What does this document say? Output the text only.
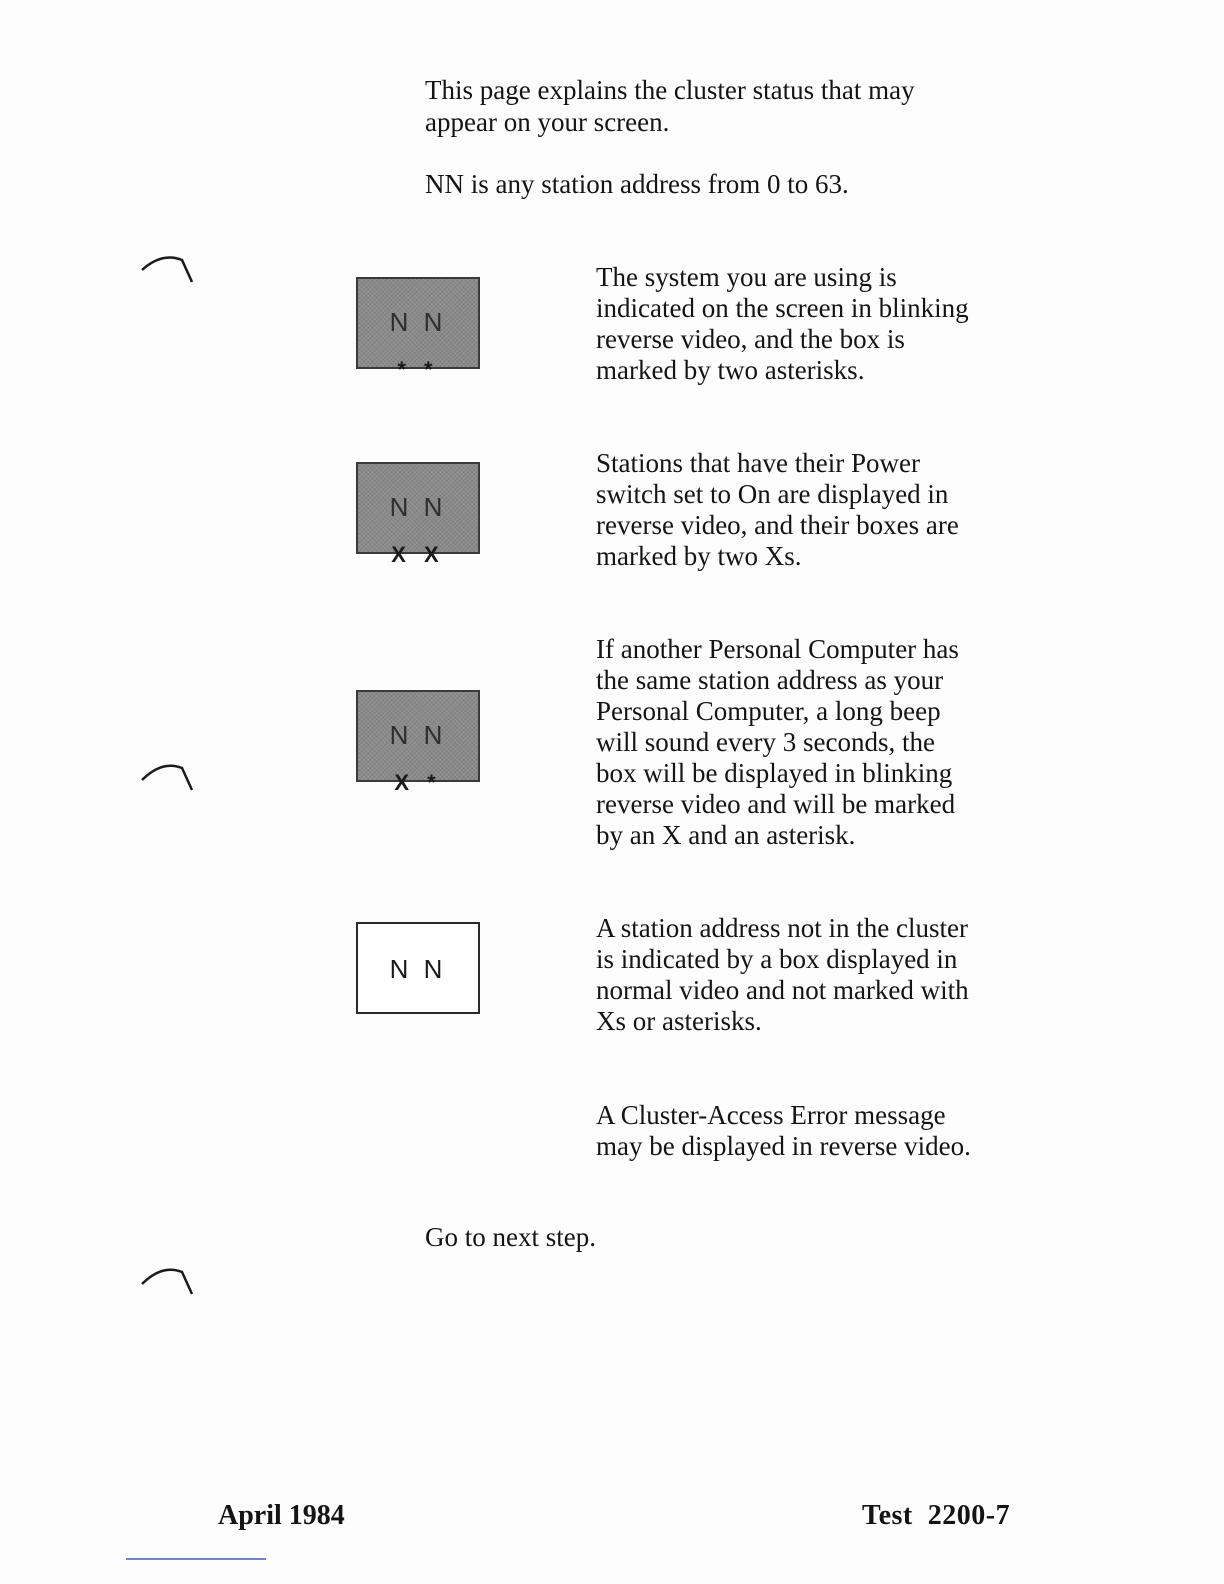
This page explains the cluster status that may
appear on your screen.

NN is any station address from 0 to 63.

N N
* *

The system you are using is
indicated on the screen in blinking
reverse video, and the box is
marked by two asterisks.

N N
X X

Stations that have their Power
switch set to On are displayed in
reverse video, and their boxes are
marked by two Xs.

N N
X *

If another Personal Computer has
the same station address as your
Personal Computer, a long beep
will sound every 3 seconds, the
box will be displayed in blinking
reverse video and will be marked
by an X and an asterisk.

N N

A station address not in the cluster
is indicated by a box displayed in
normal video and not marked with
Xs or asterisks.

A Cluster-Access Error message
may be displayed in reverse video.

Go to next step.

April 1984	Test  2200-7
